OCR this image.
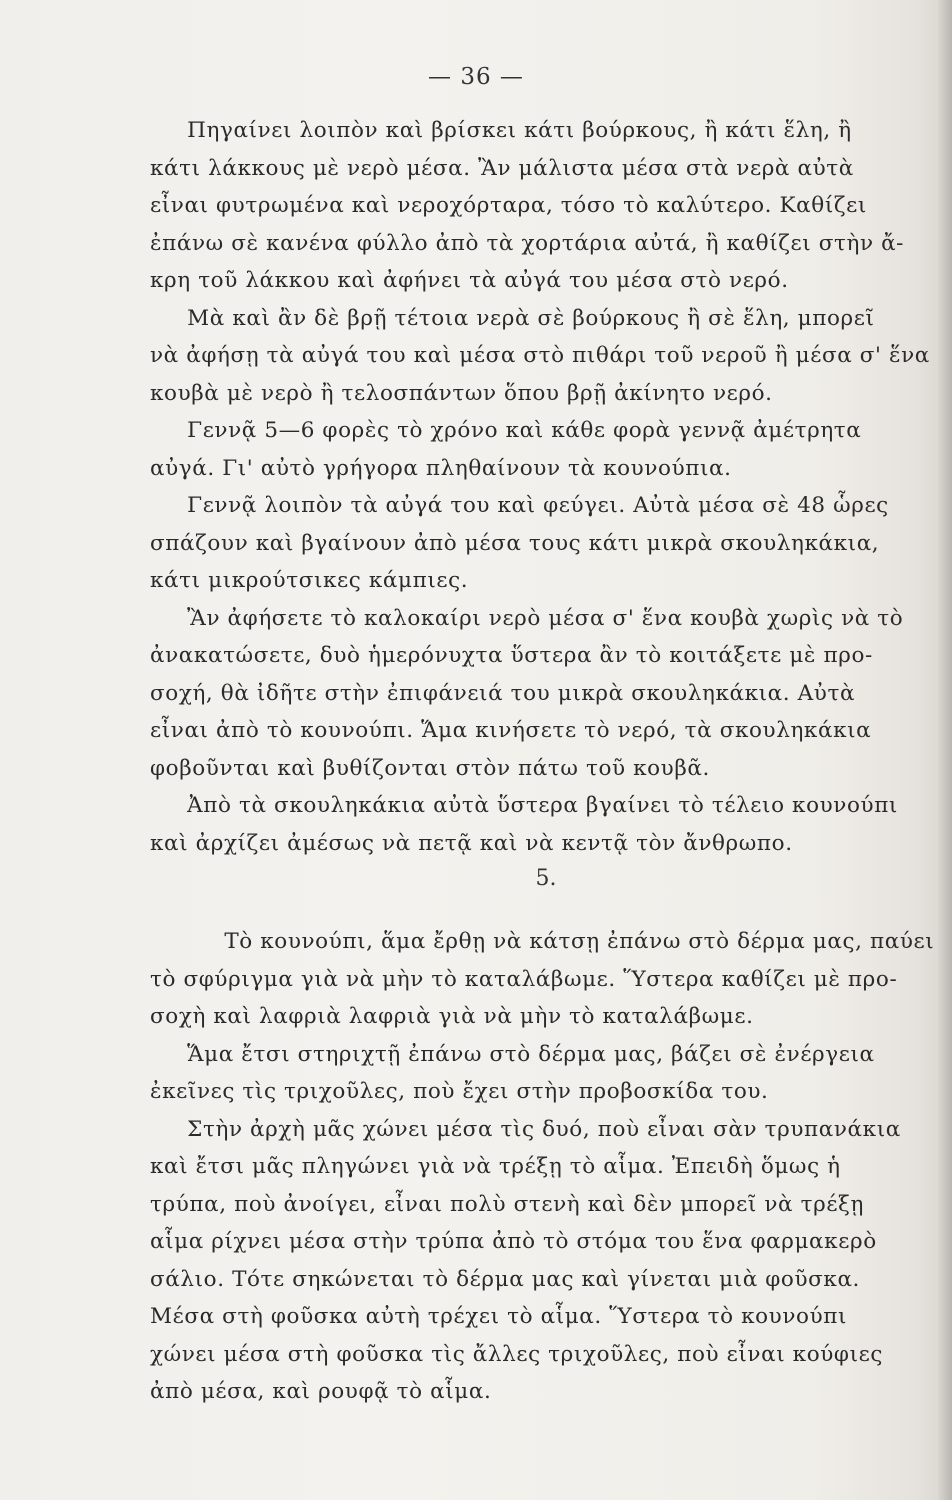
— 36 —
Πηγαίνει λοιπὸν καὶ βρίσκει κάτι βούρκους, ἢ κάτι ἕλη, ἢ
κάτι λάκκους μὲ νερὸ μέσα. Ἂν μάλιστα μέσα στὰ νερὰ αὐτὰ
εἶναι φυτρωμένα καὶ νεροχόρταρα, τόσο τὸ καλύτερο. Καθίζει
ἐπάνω σὲ κανένα φύλλο ἀπὸ τὰ χορτάρια αὐτά, ἢ καθίζει στὴν ἄ-
κρη τοῦ λάκκου καὶ ἀφήνει τὰ αὐγά του μέσα στὸ νερό.
Μὰ καὶ ἂν δὲ βρῇ τέτοια νερὰ σὲ βούρκους ἢ σὲ ἕλη, μπορεῖ
νὰ ἀφήσῃ τὰ αὐγά του καὶ μέσα στὸ πιθάρι τοῦ νεροῦ ἢ μέσα σ' ἕνα
κουβὰ μὲ νερὸ ἢ τελοσπάντων ὅπου βρῇ ἀκίνητο νερό.
Γεννᾷ 5—6 φορὲς τὸ χρόνο καὶ κάθε φορὰ γεννᾷ ἀμέτρητα
αὐγά. Γι' αὐτὸ γρήγορα πληθαίνουν τὰ κουνούπια.
Γεννᾷ λοιπὸν τὰ αὐγά του καὶ φεύγει. Αὐτὰ μέσα σὲ 48 ὧρες
σπάζουν καὶ βγαίνουν ἀπὸ μέσα τους κάτι μικρὰ σκουληκάκια,
κάτι μικρούτσικες κάμπιες.
Ἂν ἀφήσετε τὸ καλοκαίρι νερὸ μέσα σ' ἕνα κουβὰ χωρὶς νὰ τὸ
ἀνακατώσετε, δυὸ ἡμερόνυχτα ὕστερα ἂν τὸ κοιτάξετε μὲ προ-
σοχή, θὰ ἰδῆτε στὴν ἐπιφάνειά του μικρὰ σκουληκάκια. Αὐτὰ
εἶναι ἀπὸ τὸ κουνούπι. Ἅμα κινήσετε τὸ νερό, τὰ σκουληκάκια
φοβοῦνται καὶ βυθίζονται στὸν πάτω τοῦ κουβᾶ.
Ἀπὸ τὰ σκουληκάκια αὐτὰ ὕστερα βγαίνει τὸ τέλειο κουνούπι
καὶ ἀρχίζει ἀμέσως νὰ πετᾷ καὶ νὰ κεντᾷ τὸν ἄνθρωπο.
5.
Τὸ κουνούπι, ἅμα ἔρθῃ νὰ κάτσῃ ἐπάνω στὸ δέρμα μας, παύει
τὸ σφύριγμα γιὰ νὰ μὴν τὸ καταλάβωμε. Ὕστερα καθίζει μὲ προ-
σοχὴ καὶ λαφριὰ λαφριὰ γιὰ νὰ μὴν τὸ καταλάβωμε.
Ἅμα ἔτσι στηριχτῇ ἐπάνω στὸ δέρμα μας, βάζει σὲ ἐνέργεια
ἐκεῖνες τὶς τριχοῦλες, ποὺ ἔχει στὴν προβοσκίδα του.
Στὴν ἀρχὴ μᾶς χώνει μέσα τὶς δυό, ποὺ εἶναι σὰν τρυπανάκια
καὶ ἔτσι μᾶς πληγώνει γιὰ νὰ τρέξῃ τὸ αἷμα. Ἐπειδὴ ὅμως ἡ
τρύπα, ποὺ ἀνοίγει, εἶναι πολὺ στενὴ καὶ δὲν μπορεῖ νὰ τρέξῃ
αἷμα ρίχνει μέσα στὴν τρύπα ἀπὸ τὸ στόμα του ἕνα φαρμακερὸ
σάλιο. Τότε σηκώνεται τὸ δέρμα μας καὶ γίνεται μιὰ φοῦσκα.
Μέσα στὴ φοῦσκα αὐτὴ τρέχει τὸ αἷμα. Ὕστερα τὸ κουνούπι
χώνει μέσα στὴ φοῦσκα τὶς ἄλλες τριχοῦλες, ποὺ εἶναι κούφιες
ἀπὸ μέσα, καὶ ρουφᾷ τὸ αἷμα.
